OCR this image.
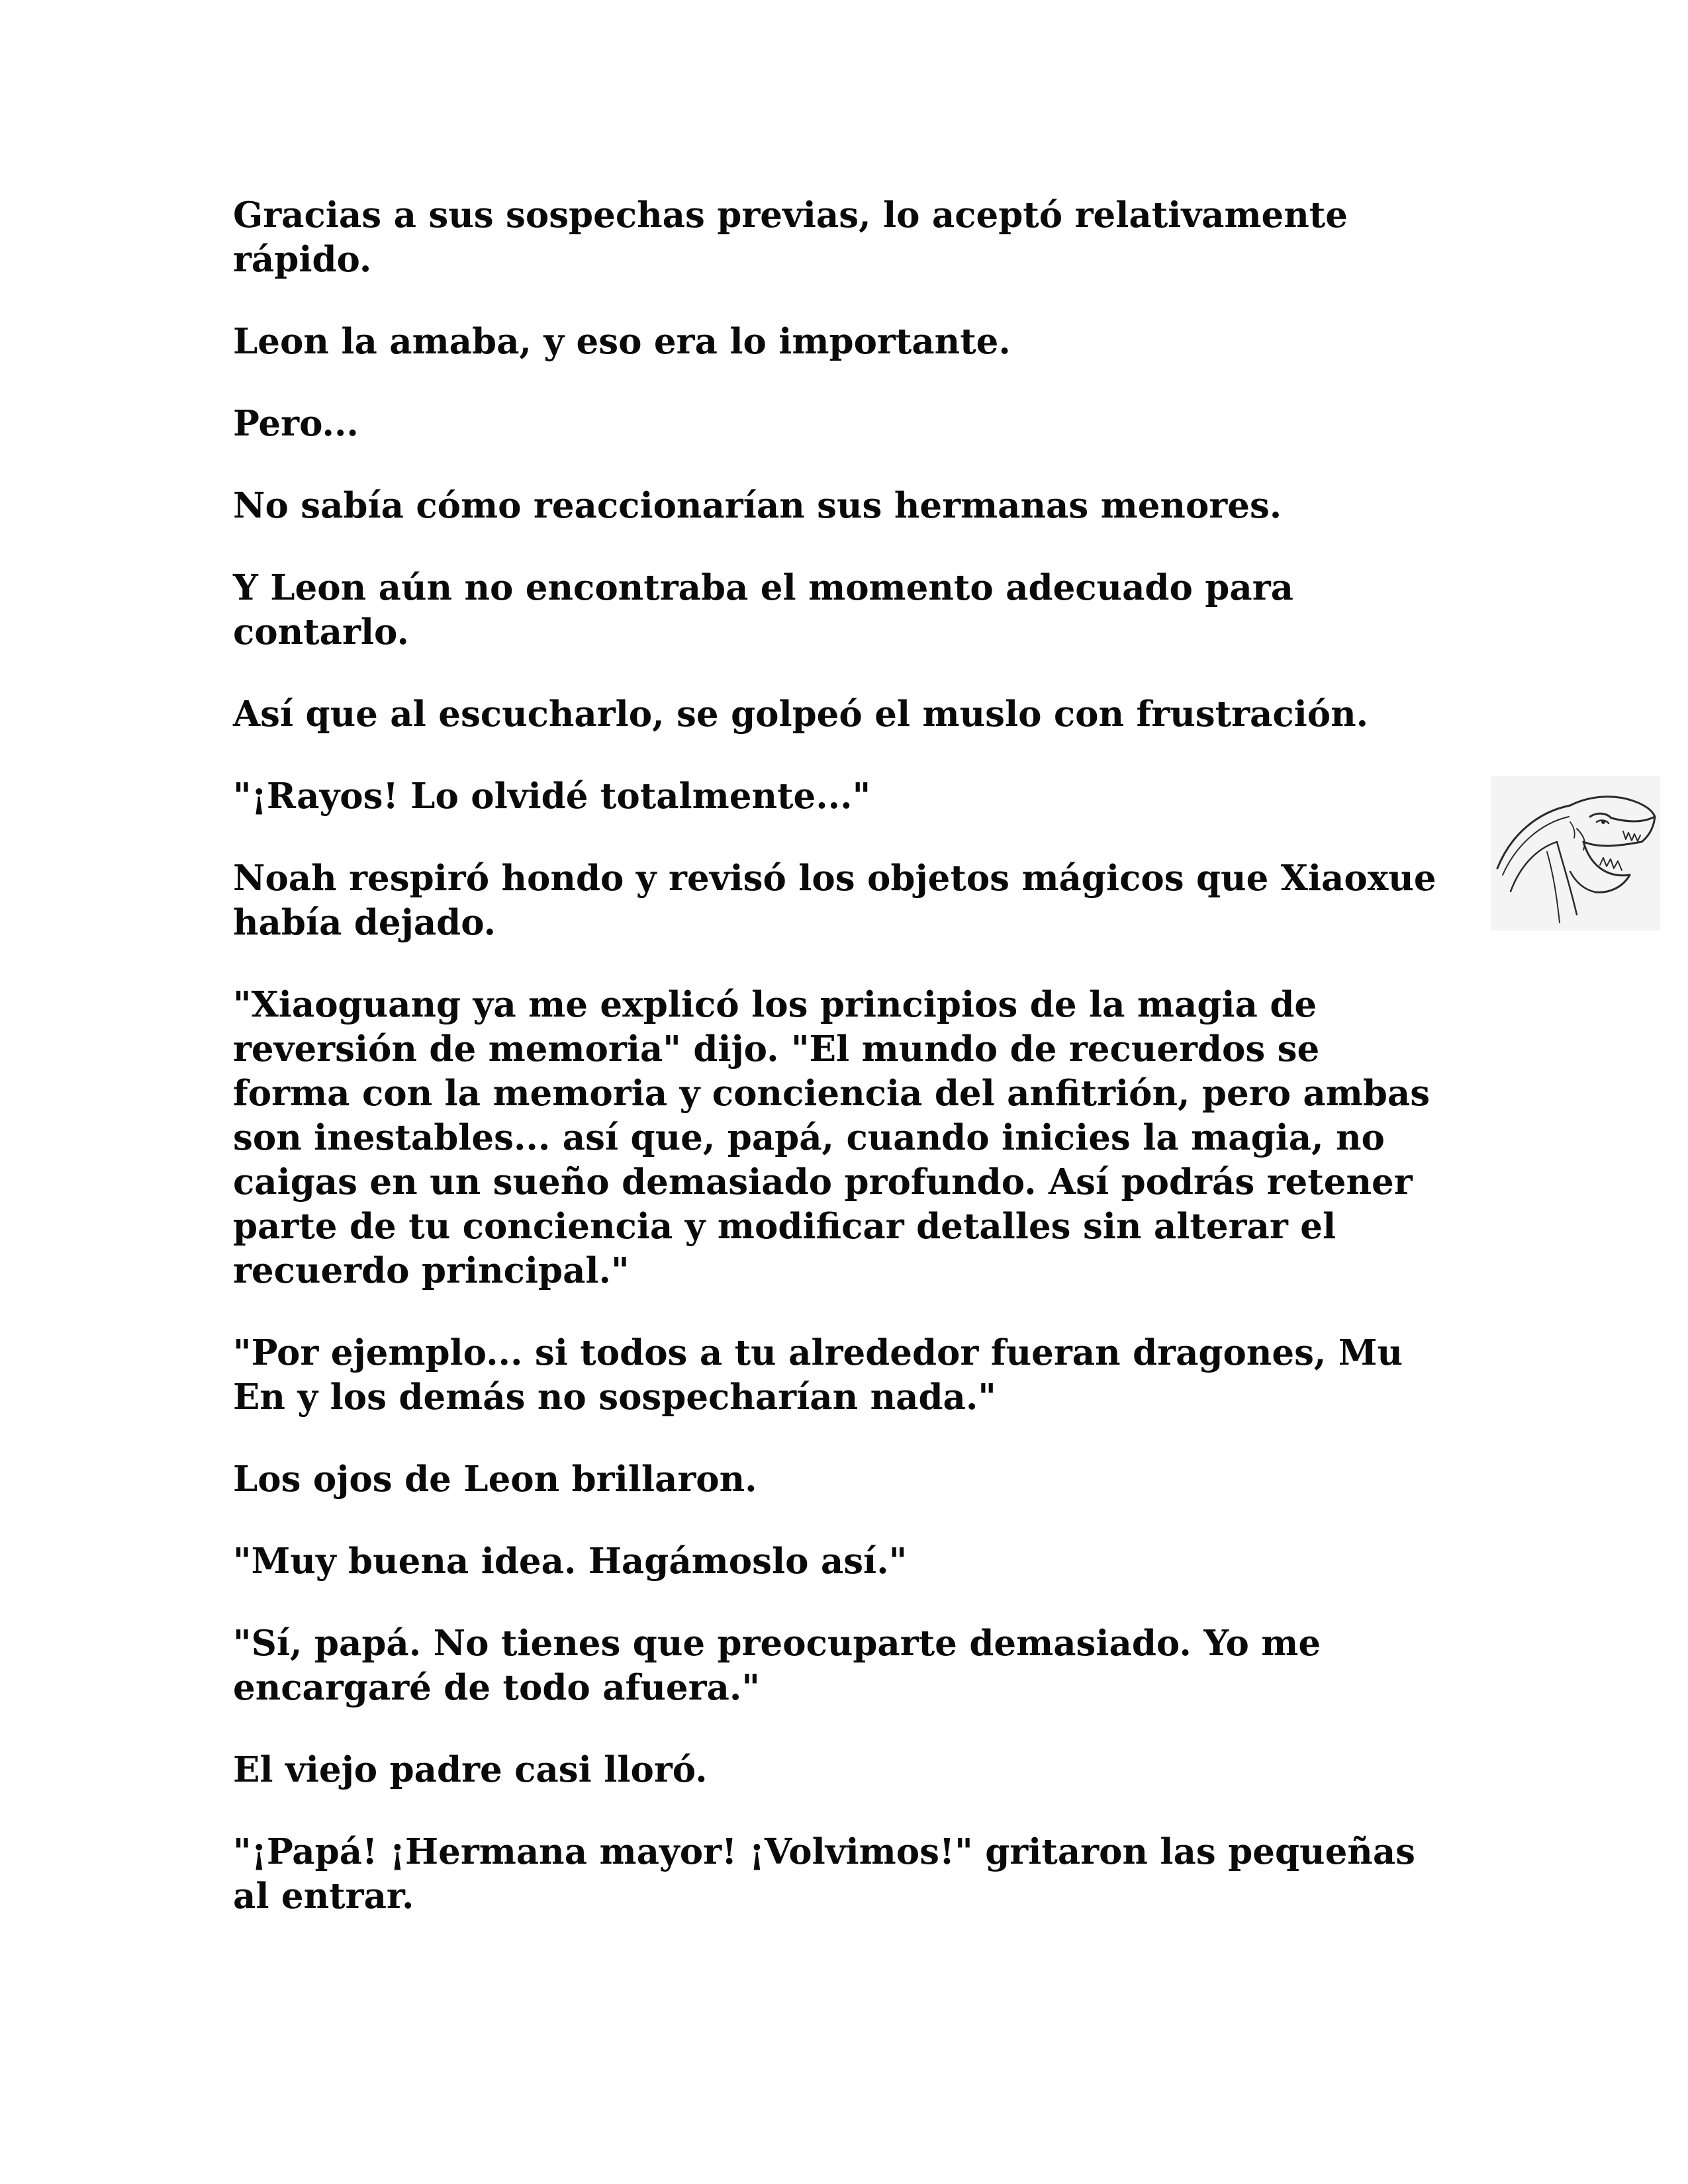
Gracias a sus sospechas previas, lo aceptó relativamente rápido.

Leon la amaba, y eso era lo importante.

Pero...

No sabía cómo reaccionarían sus hermanas menores.

Y Leon aún no encontraba el momento adecuado para contarlo.

Así que al escucharlo, se golpeó el muslo con frustración.

"¡Rayos! Lo olvidé totalmente..."

Noah respiró hondo y revisó los objetos mágicos que Xiaoxue había dejado.

"Xiaoguang ya me explicó los principios de la magia de reversión de memoria" dijo. "El mundo de recuerdos se forma con la memoria y conciencia del anfitrión, pero ambas son inestables... así que, papá, cuando inicies la magia, no caigas en un sueño demasiado profundo. Así podrás retener parte de tu conciencia y modificar detalles sin alterar el recuerdo principal."

"Por ejemplo... si todos a tu alrededor fueran dragones, Mu En y los demás no sospecharían nada."

Los ojos de Leon brillaron.

"Muy buena idea. Hagámoslo así."

"Sí, papá. No tienes que preocuparte demasiado. Yo me encargaré de todo afuera."

El viejo padre casi lloró.

"¡Papá! ¡Hermana mayor! ¡Volvimos!" gritaron las pequeñas al entrar.
